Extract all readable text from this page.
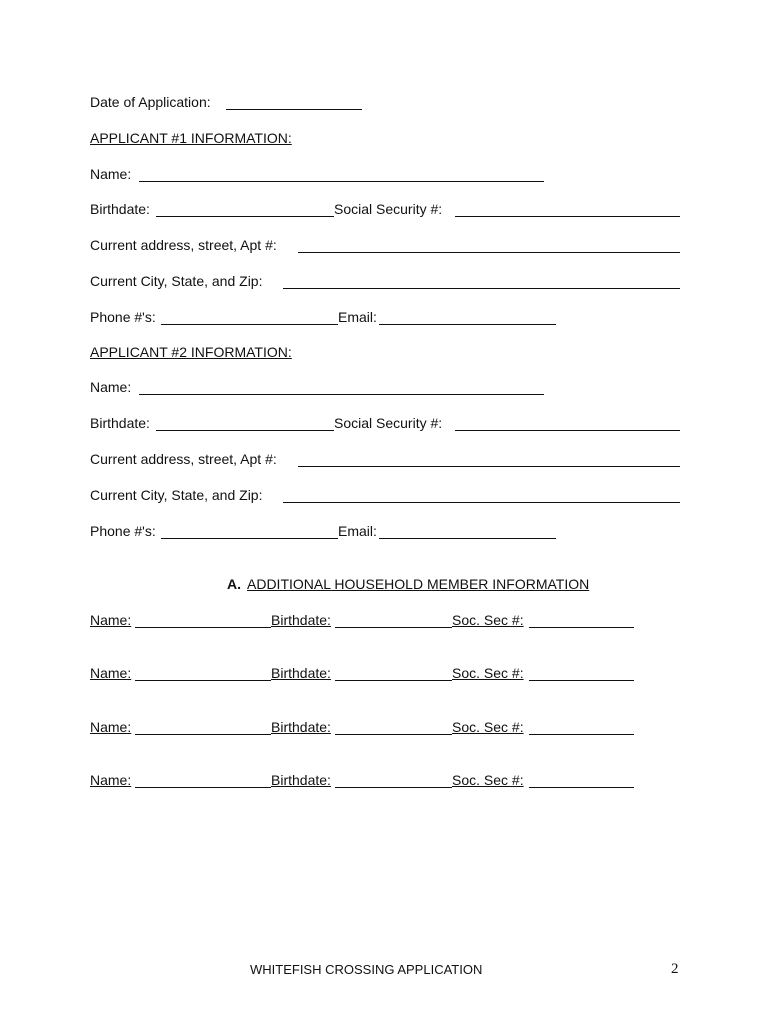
Date of Application:
APPLICANT #1 INFORMATION:
Name:
Birthdate:	Social Security #:
Current address, street, Apt #:
Current City, State, and Zip:
Phone #'s:	Email:
APPLICANT #2 INFORMATION:
Name:
Birthdate:	Social Security #:
Current address, street, Apt #:
Current City, State, and Zip:
Phone #'s:	Email:
A. ADDITIONAL HOUSEHOLD MEMBER INFORMATION
Name:	Birthdate:	Soc. Sec #:
Name:	Birthdate:	Soc. Sec #:
Name:	Birthdate:	Soc. Sec #:
Name:	Birthdate:	Soc. Sec #:
WHITEFISH CROSSING APPLICATION	2
